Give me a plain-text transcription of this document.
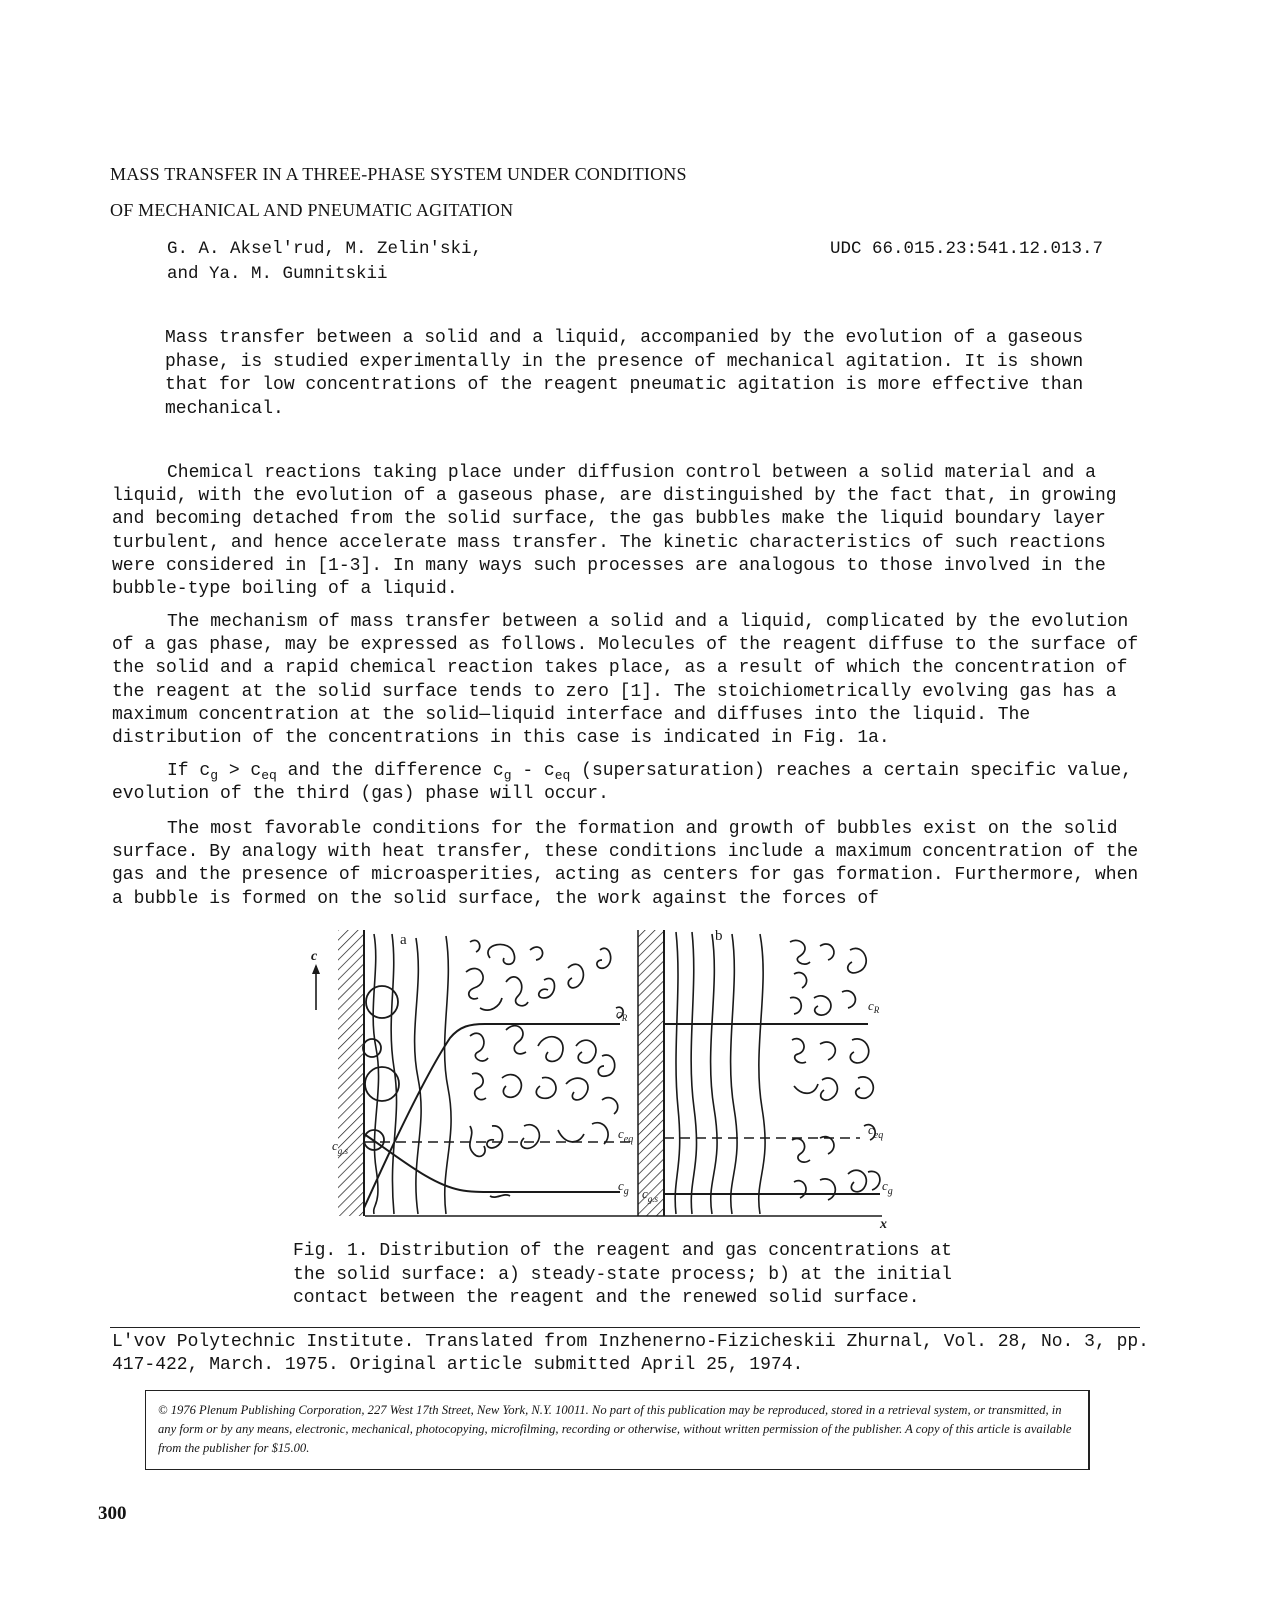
MASS TRANSFER IN A THREE-PHASE SYSTEM UNDER CONDITIONS
OF MECHANICAL AND PNEUMATIC AGITATION
G. A. Aksel'rud, M. Zelin'ski,
and Ya. M. Gumnitskii
UDC 66.015.23:541.12.013.7
Mass transfer between a solid and a liquid, accompanied by the evolution of a gaseous phase, is studied experimentally in the presence of mechanical agitation. It is shown that for low concentrations of the reagent pneumatic agitation is more effective than mechanical.

Chemical reactions taking place under diffusion control between a solid material and a liquid, with the evolution of a gaseous phase, are distinguished by the fact that, in growing and becoming detached from the solid surface, the gas bubbles make the liquid boundary layer turbulent, and hence accelerate mass transfer. The kinetic characteristics of such reactions were considered in [1-3]. In many ways such processes are analogous to those involved in the bubble-type boiling of a liquid.

The mechanism of mass transfer between a solid and a liquid, complicated by the evolution of a gas phase, may be expressed as follows. Molecules of the reagent diffuse to the surface of the solid and a rapid chemical reaction takes place, as a result of which the concentration of the reagent at the solid surface tends to zero [1]. The stoichiometrically evolving gas has a maximum concentration at the solid—liquid interface and diffuses into the liquid. The distribution of the concentrations in this case is indicated in Fig. 1a.

If $c_g > c_{eq}$ and the difference $c_g - c_{eq}$ (supersaturation) reaches a certain specific value, evolution of the third (gas) phase will occur.

The most favorable conditions for the formation and growth of bubbles exist on the solid surface. By analogy with heat transfer, these conditions include a maximum concentration of the gas and the presence of microasperities, acting as centers for gas formation. Furthermore, when a bubble is formed on the solid surface, the work against the forces of

c
x
a	b
$c_R$
$c_{eq}$
$c_g$
$c_{g.s}$
$c_{g.s}$
$c_R$
$c_{eq}$
$c_g$
Fig. 1. Distribution of the reagent and gas concentrations at the solid surface: a) steady-state process; b) at the initial contact between the reagent and the renewed solid surface.
L'vov Polytechnic Institute. Translated from Inzhenerno-Fizicheskii Zhurnal, Vol. 28, No. 3, pp. 417-422, March. 1975. Original article submitted April 25, 1974.
© 1976 Plenum Publishing Corporation, 227 West 17th Street, New York, N.Y. 10011. No part of this publication may be reproduced, stored in a retrieval system, or transmitted, in any form or by any means, electronic, mechanical, photocopying, microfilming, recording or otherwise, without written permission of the publisher. A copy of this article is available from the publisher for $15.00.
300
